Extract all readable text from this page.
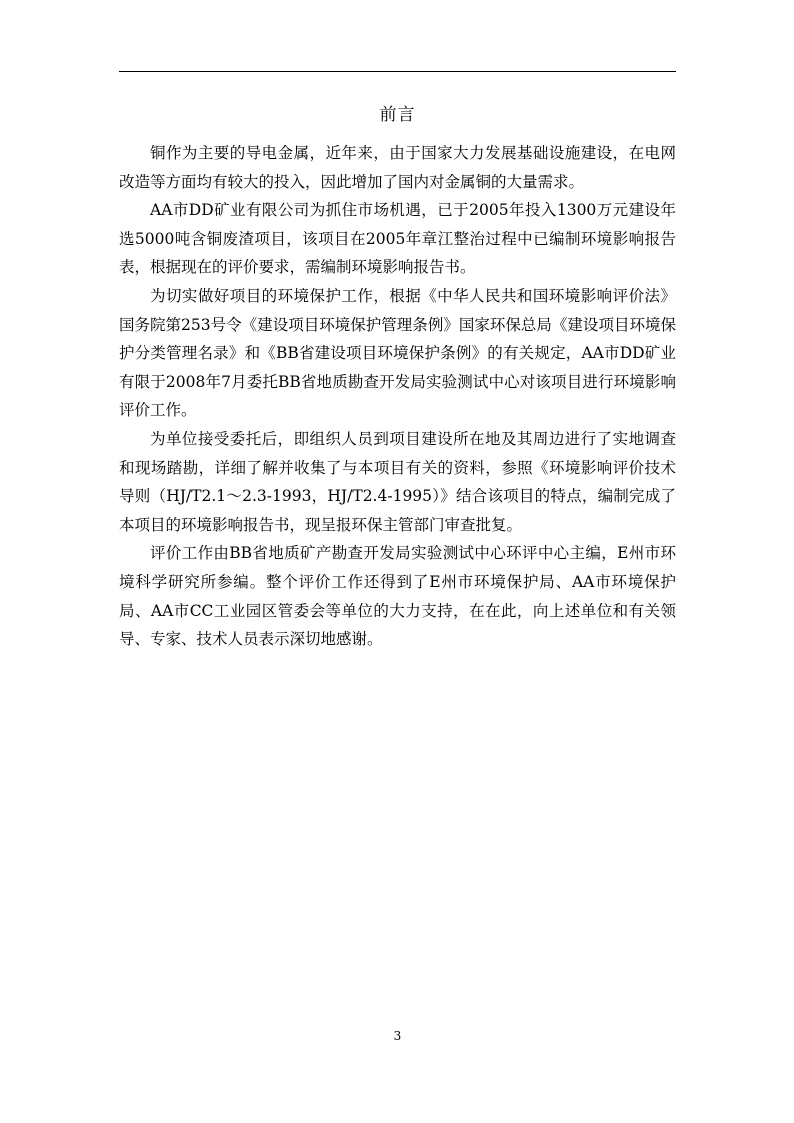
前言

铜作为主要的导电金属，近年来，由于国家大力发展基础设施建设，在电网改造等方面均有较大的投入，因此增加了国内对金属铜的大量需求。

AA市DD矿业有限公司为抓住市场机遇，已于2005年投入1300万元建设年选5000吨含铜废渣项目，该项目在2005年章江整治过程中已编制环境影响报告表，根据现在的评价要求，需编制环境影响报告书。

为切实做好项目的环境保护工作，根据《中华人民共和国环境影响评价法》国务院第253号令《建设项目环境保护管理条例》国家环保总局《建设项目环境保护分类管理名录》和《BB省建设项目环境保护条例》的有关规定，AA市DD矿业有限于2008年7月委托BB省地质勘查开发局实验测试中心对该项目进行环境影响评价工作。

为单位接受委托后，即组织人员到项目建设所在地及其周边进行了实地调查和现场踏勘，详细了解并收集了与本项目有关的资料，参照《环境影响评价技术导则（HJ/T2.1～2.3-1993，HJ/T2.4-1995）》结合该项目的特点，编制完成了本项目的环境影响报告书，现呈报环保主管部门审查批复。

评价工作由BB省地质矿产勘查开发局实验测试中心环评中心主编，E州市环境科学研究所参编。整个评价工作还得到了E州市环境保护局、AA市环境保护局、AA市CC工业园区管委会等单位的大力支持，在在此，向上述单位和有关领导、专家、技术人员表示深切地感谢。

3
